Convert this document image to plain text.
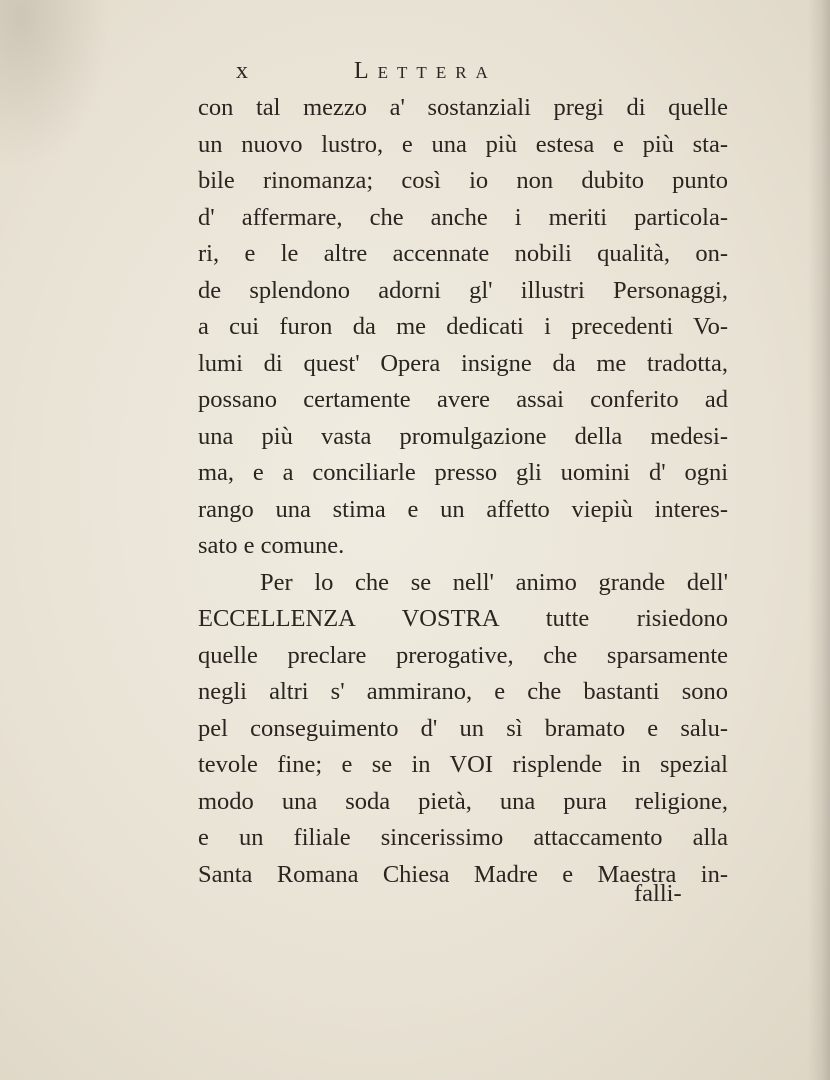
x	Lettera
con tal mezzo a' sostanziali pregi di quelle
un nuovo lustro, e una più estesa e più sta-
bile rinomanza; così io non dubito punto
d' affermare, che anche i meriti particola-
ri, e le altre accennate nobili qualità, on-
de splendono adorni gl' illustri Personaggi,
a cui furon da me dedicati i precedenti Vo-
lumi di quest' Opera insigne da me tradotta,
possano certamente avere assai conferito ad
una più vasta promulgazione della medesi-
ma, e a conciliarle presso gli uomini d' ogni
rango una stima e un affetto viepiù interes-
sato e comune.
Per lo che se nell' animo grande dell'
ECCELLENZA VOSTRA tutte risiedono
quelle preclare prerogative, che sparsamente
negli altri s' ammirano, e che bastanti sono
pel conseguimento d' un sì bramato e salu-
tevole fine; e se in VOI risplende in spezial
modo una soda pietà, una pura religione,
e un filiale sincerissimo attaccamento alla
Santa Romana Chiesa Madre e Maestra in-
falli-
